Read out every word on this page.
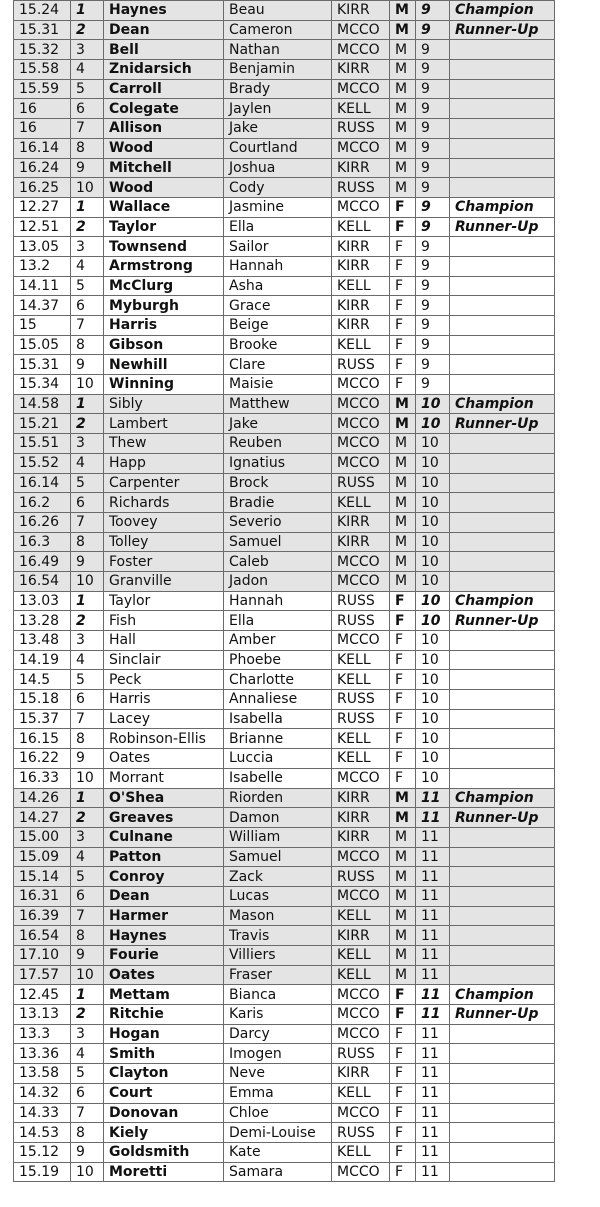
15.24	1	Haynes	Beau	KIRR	M	9	Champion
15.31	2	Dean	Cameron	MCCO	M	9	Runner-Up
15.32	3	Bell	Nathan	MCCO	M	9	
15.58	4	Znidarsich	Benjamin	KIRR	M	9	
15.59	5	Carroll	Brady	MCCO	M	9	
16	6	Colegate	Jaylen	KELL	M	9	
16	7	Allison	Jake	RUSS	M	9	
16.14	8	Wood	Courtland	MCCO	M	9	
16.24	9	Mitchell	Joshua	KIRR	M	9	
16.25	10	Wood	Cody	RUSS	M	9	
12.27	1	Wallace	Jasmine	MCCO	F	9	Champion
12.51	2	Taylor	Ella	KELL	F	9	Runner-Up
13.05	3	Townsend	Sailor	KIRR	F	9	
13.2	4	Armstrong	Hannah	KIRR	F	9	
14.11	5	McClurg	Asha	KELL	F	9	
14.37	6	Myburgh	Grace	KIRR	F	9	
15	7	Harris	Beige	KIRR	F	9	
15.05	8	Gibson	Brooke	KELL	F	9	
15.31	9	Newhill	Clare	RUSS	F	9	
15.34	10	Winning	Maisie	MCCO	F	9	
14.58	1	Sibly	Matthew	MCCO	M	10	Champion
15.21	2	Lambert	Jake	MCCO	M	10	Runner-Up
15.51	3	Thew	Reuben	MCCO	M	10	
15.52	4	Happ	Ignatius	MCCO	M	10	
16.14	5	Carpenter	Brock	RUSS	M	10	
16.2	6	Richards	Bradie	KELL	M	10	
16.26	7	Toovey	Severio	KIRR	M	10	
16.3	8	Tolley	Samuel	KIRR	M	10	
16.49	9	Foster	Caleb	MCCO	M	10	
16.54	10	Granville	Jadon	MCCO	M	10	
13.03	1	Taylor	Hannah	RUSS	F	10	Champion
13.28	2	Fish	Ella	RUSS	F	10	Runner-Up
13.48	3	Hall	Amber	MCCO	F	10	
14.19	4	Sinclair	Phoebe	KELL	F	10	
14.5	5	Peck	Charlotte	KELL	F	10	
15.18	6	Harris	Annaliese	RUSS	F	10	
15.37	7	Lacey	Isabella	RUSS	F	10	
16.15	8	Robinson-Ellis	Brianne	KELL	F	10	
16.22	9	Oates	Luccia	KELL	F	10	
16.33	10	Morrant	Isabelle	MCCO	F	10	
14.26	1	O'Shea	Riorden	KIRR	M	11	Champion
14.27	2	Greaves	Damon	KIRR	M	11	Runner-Up
15.00	3	Culnane	William	KIRR	M	11	
15.09	4	Patton	Samuel	MCCO	M	11	
15.14	5	Conroy	Zack	RUSS	M	11	
16.31	6	Dean	Lucas	MCCO	M	11	
16.39	7	Harmer	Mason	KELL	M	11	
16.54	8	Haynes	Travis	KIRR	M	11	
17.10	9	Fourie	Villiers	KELL	M	11	
17.57	10	Oates	Fraser	KELL	M	11	
12.45	1	Mettam	Bianca	MCCO	F	11	Champion
13.13	2	Ritchie	Karis	MCCO	F	11	Runner-Up
13.3	3	Hogan	Darcy	MCCO	F	11	
13.36	4	Smith	Imogen	RUSS	F	11	
13.58	5	Clayton	Neve	KIRR	F	11	
14.32	6	Court	Emma	KELL	F	11	
14.33	7	Donovan	Chloe	MCCO	F	11	
14.53	8	Kiely	Demi-Louise	RUSS	F	11	
15.12	9	Goldsmith	Kate	KELL	F	11	
15.19	10	Moretti	Samara	MCCO	F	11	
